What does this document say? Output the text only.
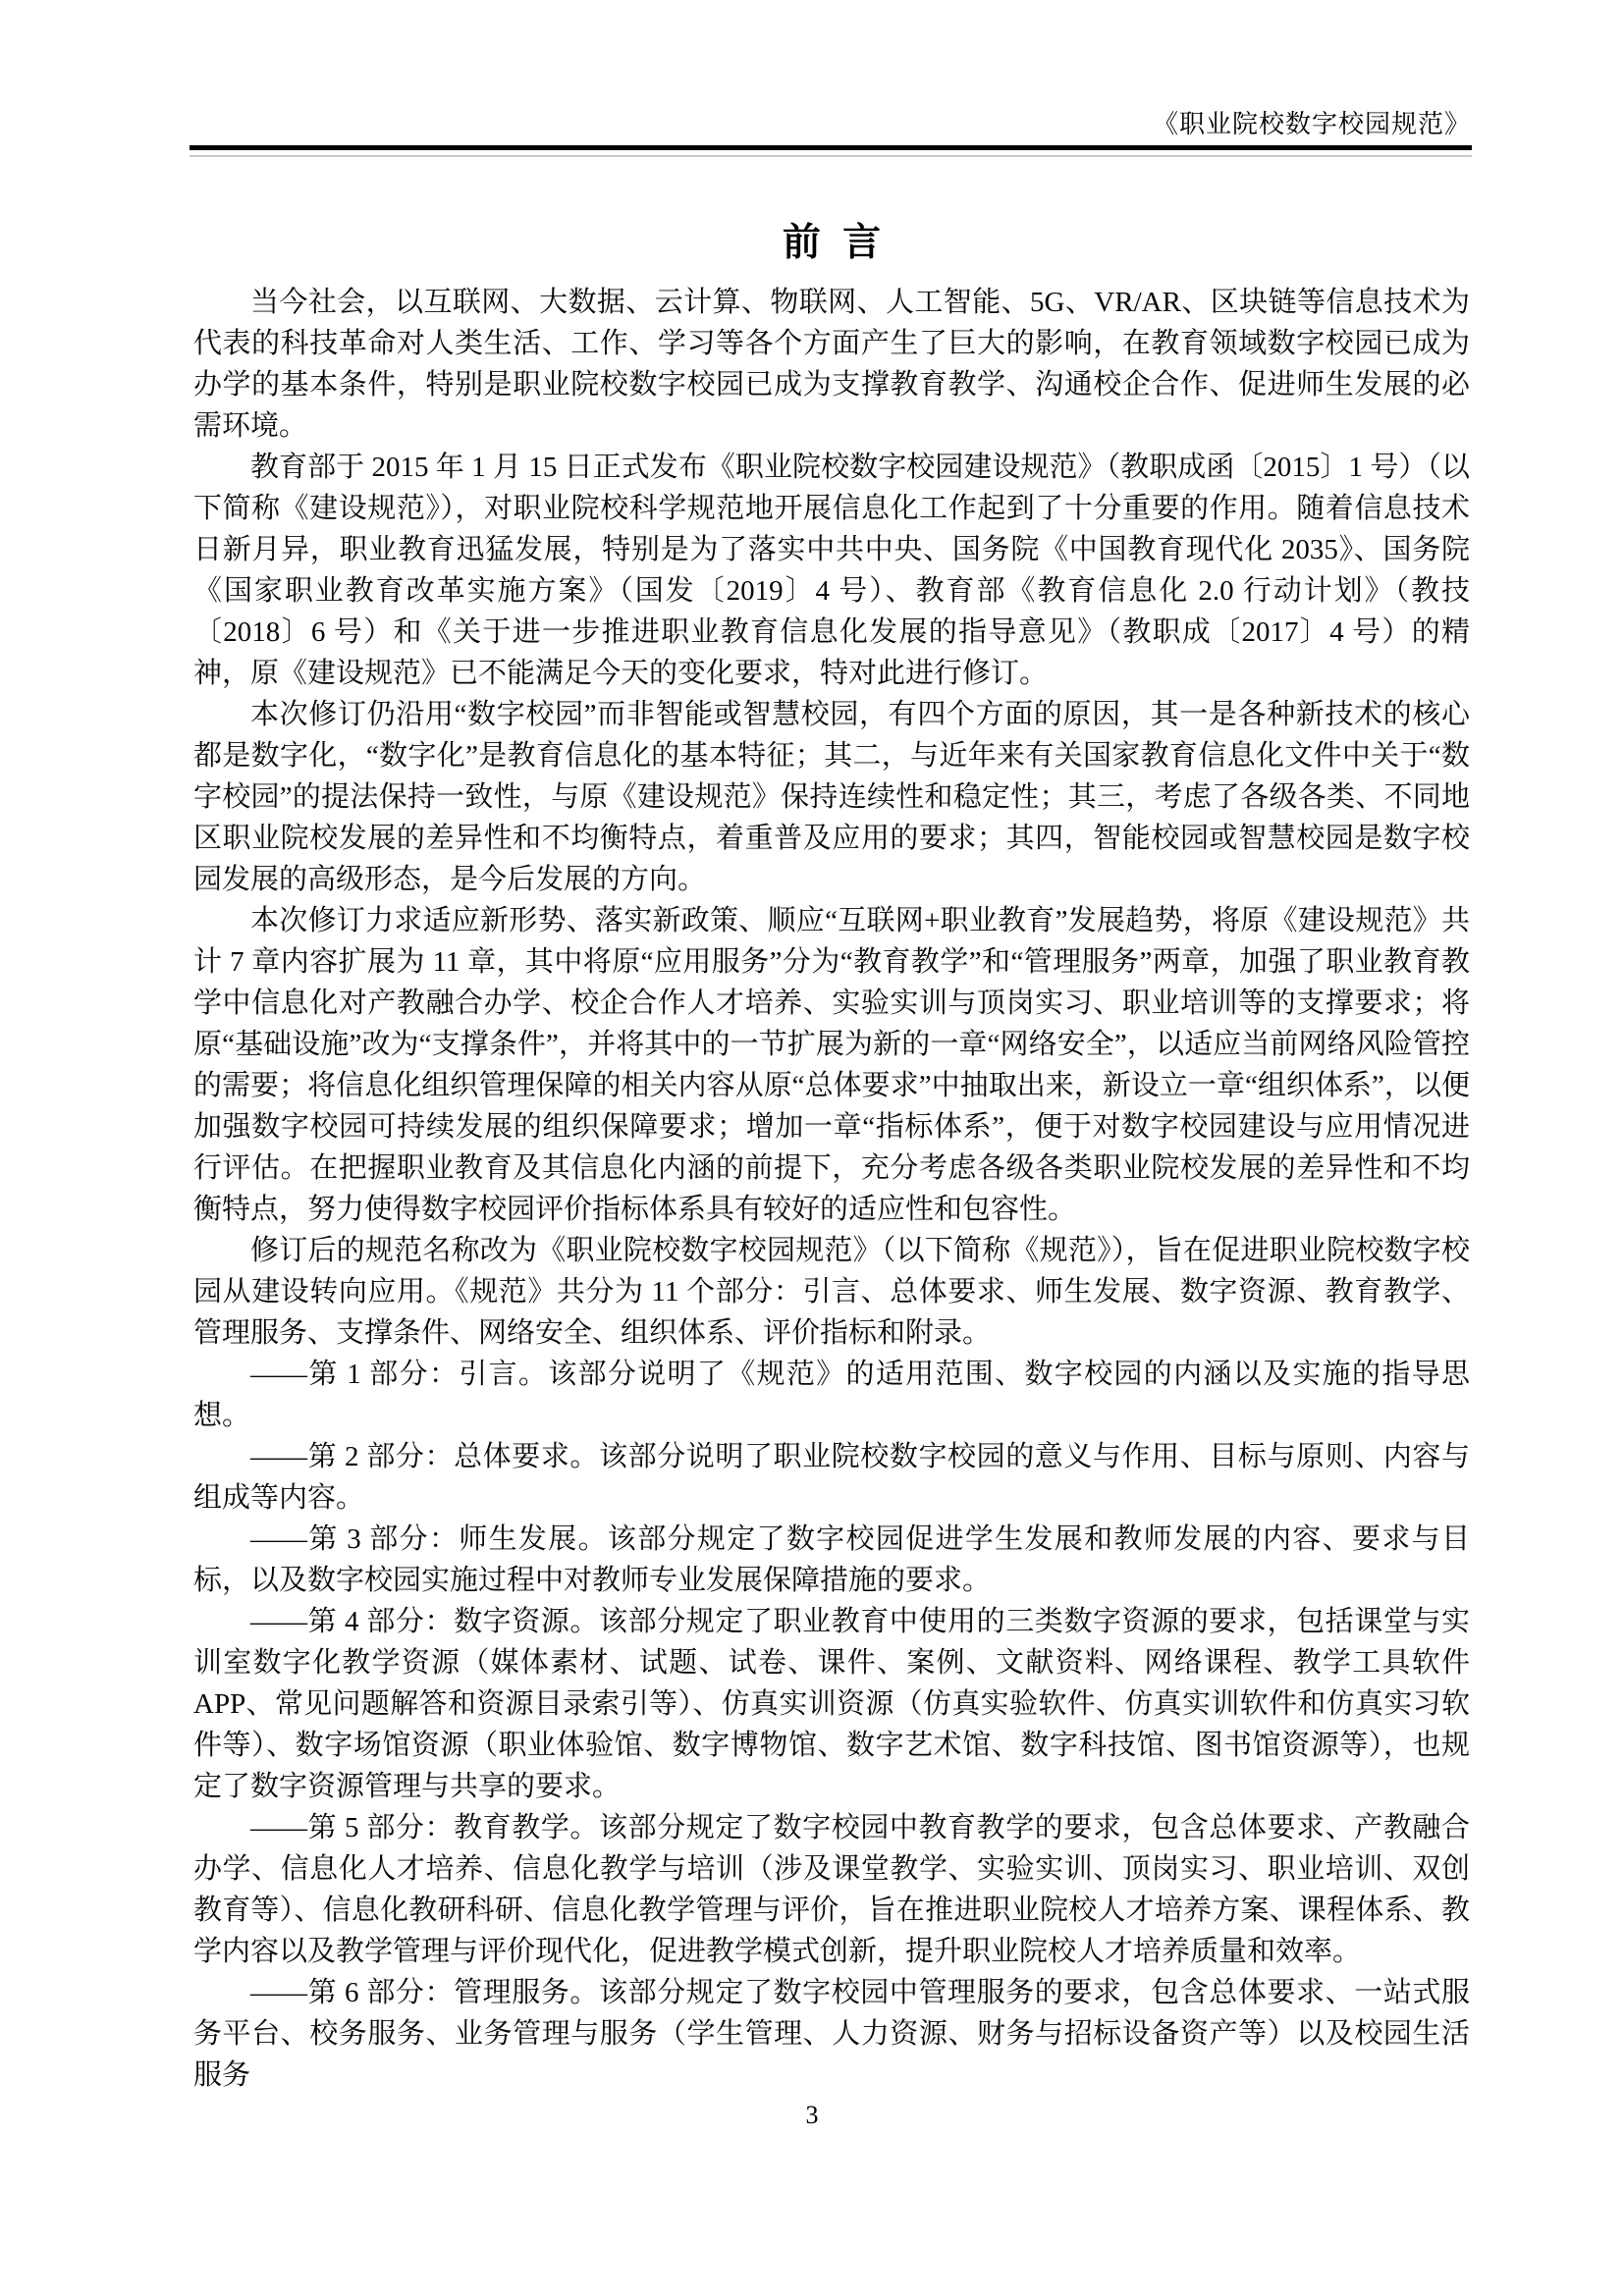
《职业院校数字校园规范》
前 言

当今社会，以互联网、大数据、云计算、物联网、人工智能、5G、VR/AR、区块链等信息技术为代表的科技革命对人类生活、工作、学习等各个方面产生了巨大的影响，在教育领域数字校园已成为办学的基本条件，特别是职业院校数字校园已成为支撑教育教学、沟通校企合作、促进师生发展的必需环境。

教育部于 2015 年 1 月 15 日正式发布《职业院校数字校园建设规范》（教职成函〔2015〕1 号）（以下简称《建设规范》），对职业院校科学规范地开展信息化工作起到了十分重要的作用。随着信息技术日新月异，职业教育迅猛发展，特别是为了落实中共中央、国务院《中国教育现代化 2035》、国务院《国家职业教育改革实施方案》（国发〔2019〕4 号）、教育部《教育信息化 2.0 行动计划》（教技〔2018〕6 号）和《关于进一步推进职业教育信息化发展的指导意见》（教职成〔2017〕4 号）的精神，原《建设规范》已不能满足今天的变化要求，特对此进行修订。

本次修订仍沿用“数字校园”而非智能或智慧校园，有四个方面的原因，其一是各种新技术的核心都是数字化，“数字化”是教育信息化的基本特征；其二，与近年来有关国家教育信息化文件中关于“数字校园”的提法保持一致性，与原《建设规范》保持连续性和稳定性；其三，考虑了各级各类、不同地区职业院校发展的差异性和不均衡特点，着重普及应用的要求；其四，智能校园或智慧校园是数字校园发展的高级形态，是今后发展的方向。

本次修订力求适应新形势、落实新政策、顺应“互联网+职业教育”发展趋势，将原《建设规范》共计 7 章内容扩展为 11 章，其中将原“应用服务”分为“教育教学”和“管理服务”两章，加强了职业教育教学中信息化对产教融合办学、校企合作人才培养、实验实训与顶岗实习、职业培训等的支撑要求；将原“基础设施”改为“支撑条件”，并将其中的一节扩展为新的一章“网络安全”，以适应当前网络风险管控的需要；将信息化组织管理保障的相关内容从原“总体要求”中抽取出来，新设立一章“组织体系”，以便加强数字校园可持续发展的组织保障要求；增加一章“指标体系”，便于对数字校园建设与应用情况进行评估。在把握职业教育及其信息化内涵的前提下，充分考虑各级各类职业院校发展的差异性和不均衡特点，努力使得数字校园评价指标体系具有较好的适应性和包容性。

修订后的规范名称改为《职业院校数字校园规范》（以下简称《规范》），旨在促进职业院校数字校园从建设转向应用。《规范》共分为 11 个部分：引言、总体要求、师生发展、数字资源、教育教学、管理服务、支撑条件、网络安全、组织体系、评价指标和附录。

——第 1 部分：引言。该部分说明了《规范》的适用范围、数字校园的内涵以及实施的指导思想。

——第 2 部分：总体要求。该部分说明了职业院校数字校园的意义与作用、目标与原则、内容与组成等内容。

——第 3 部分：师生发展。该部分规定了数字校园促进学生发展和教师发展的内容、要求与目标，以及数字校园实施过程中对教师专业发展保障措施的要求。

——第 4 部分：数字资源。该部分规定了职业教育中使用的三类数字资源的要求，包括课堂与实训室数字化教学资源（媒体素材、试题、试卷、课件、案例、文献资料、网络课程、教学工具软件 APP、常见问题解答和资源目录索引等）、仿真实训资源（仿真实验软件、仿真实训软件和仿真实习软件等）、数字场馆资源（职业体验馆、数字博物馆、数字艺术馆、数字科技馆、图书馆资源等），也规定了数字资源管理与共享的要求。

——第 5 部分：教育教学。该部分规定了数字校园中教育教学的要求，包含总体要求、产教融合办学、信息化人才培养、信息化教学与培训（涉及课堂教学、实验实训、顶岗实习、职业培训、双创教育等）、信息化教研科研、信息化教学管理与评价，旨在推进职业院校人才培养方案、课程体系、教学内容以及教学管理与评价现代化，促进教学模式创新，提升职业院校人才培养质量和效率。

——第 6 部分：管理服务。该部分规定了数字校园中管理服务的要求，包含总体要求、一站式服务平台、校务服务、业务管理与服务（学生管理、人力资源、财务与招标设备资产等）以及校园生活服务

3
